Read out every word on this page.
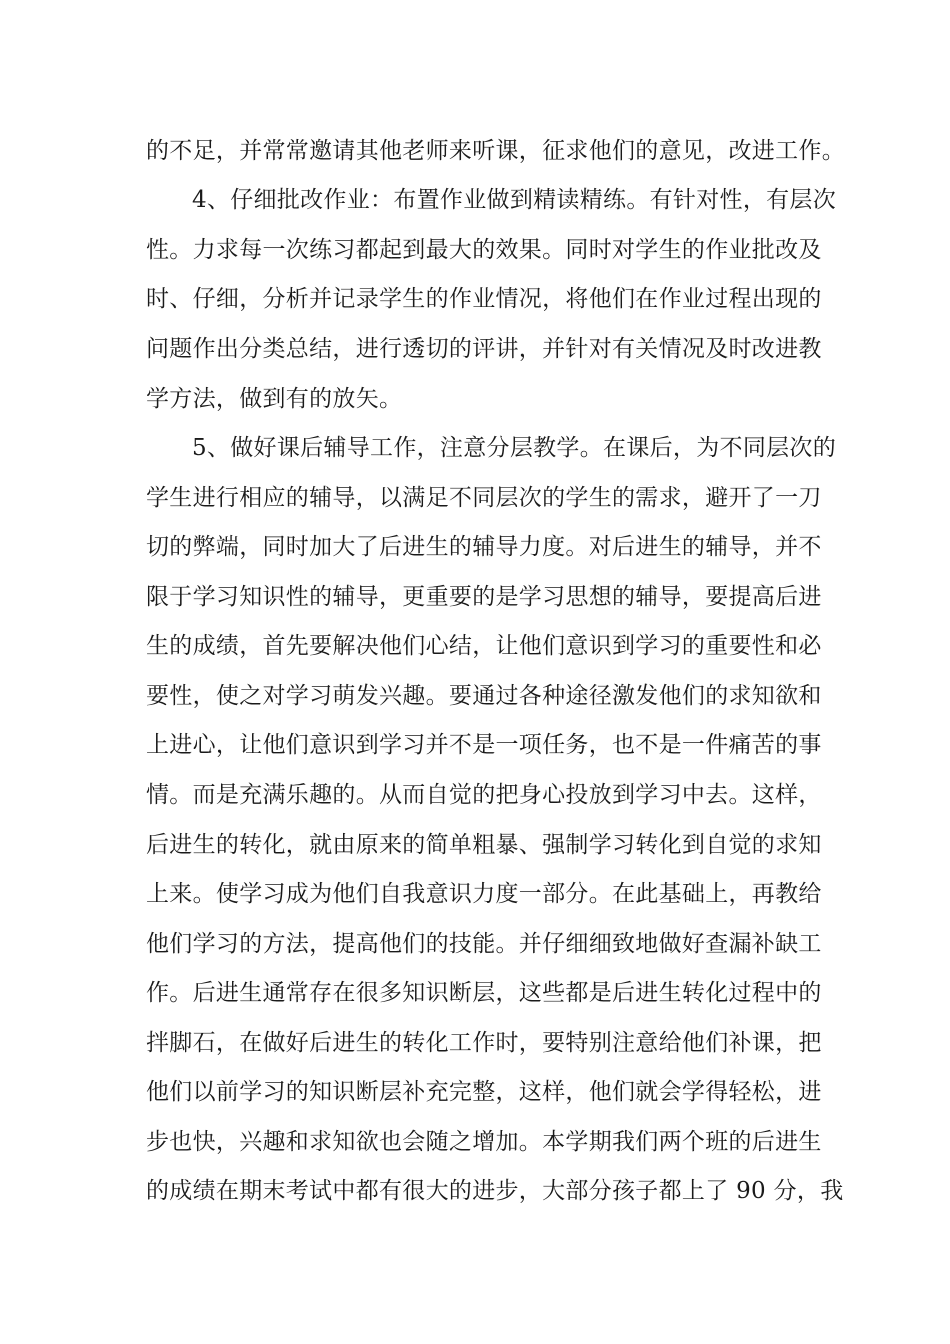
的不足，并常常邀请其他老师来听课，征求他们的意见，改进工作。
4、仔细批改作业：布置作业做到精读精练。有针对性，有层次
性。力求每一次练习都起到最大的效果。同时对学生的作业批改及
时、仔细，分析并记录学生的作业情况，将他们在作业过程出现的
问题作出分类总结，进行透切的评讲，并针对有关情况及时改进教
学方法，做到有的放矢。
5、做好课后辅导工作，注意分层教学。在课后，为不同层次的
学生进行相应的辅导，以满足不同层次的学生的需求，避开了一刀
切的弊端，同时加大了后进生的辅导力度。对后进生的辅导，并不
限于学习知识性的辅导，更重要的是学习思想的辅导，要提高后进
生的成绩，首先要解决他们心结，让他们意识到学习的重要性和必
要性，使之对学习萌发兴趣。要通过各种途径激发他们的求知欲和
上进心，让他们意识到学习并不是一项任务，也不是一件痛苦的事
情。而是充满乐趣的。从而自觉的把身心投放到学习中去。这样，
后进生的转化，就由原来的简单粗暴、强制学习转化到自觉的求知
上来。使学习成为他们自我意识力度一部分。在此基础上，再教给
他们学习的方法，提高他们的技能。并仔细细致地做好查漏补缺工
作。后进生通常存在很多知识断层，这些都是后进生转化过程中的
拌脚石，在做好后进生的转化工作时，要特别注意给他们补课，把
他们以前学习的知识断层补充完整，这样，他们就会学得轻松，进
步也快，兴趣和求知欲也会随之增加。本学期我们两个班的后进生
的成绩在期末考试中都有很大的进步，大部分孩子都上了 90 分，我
